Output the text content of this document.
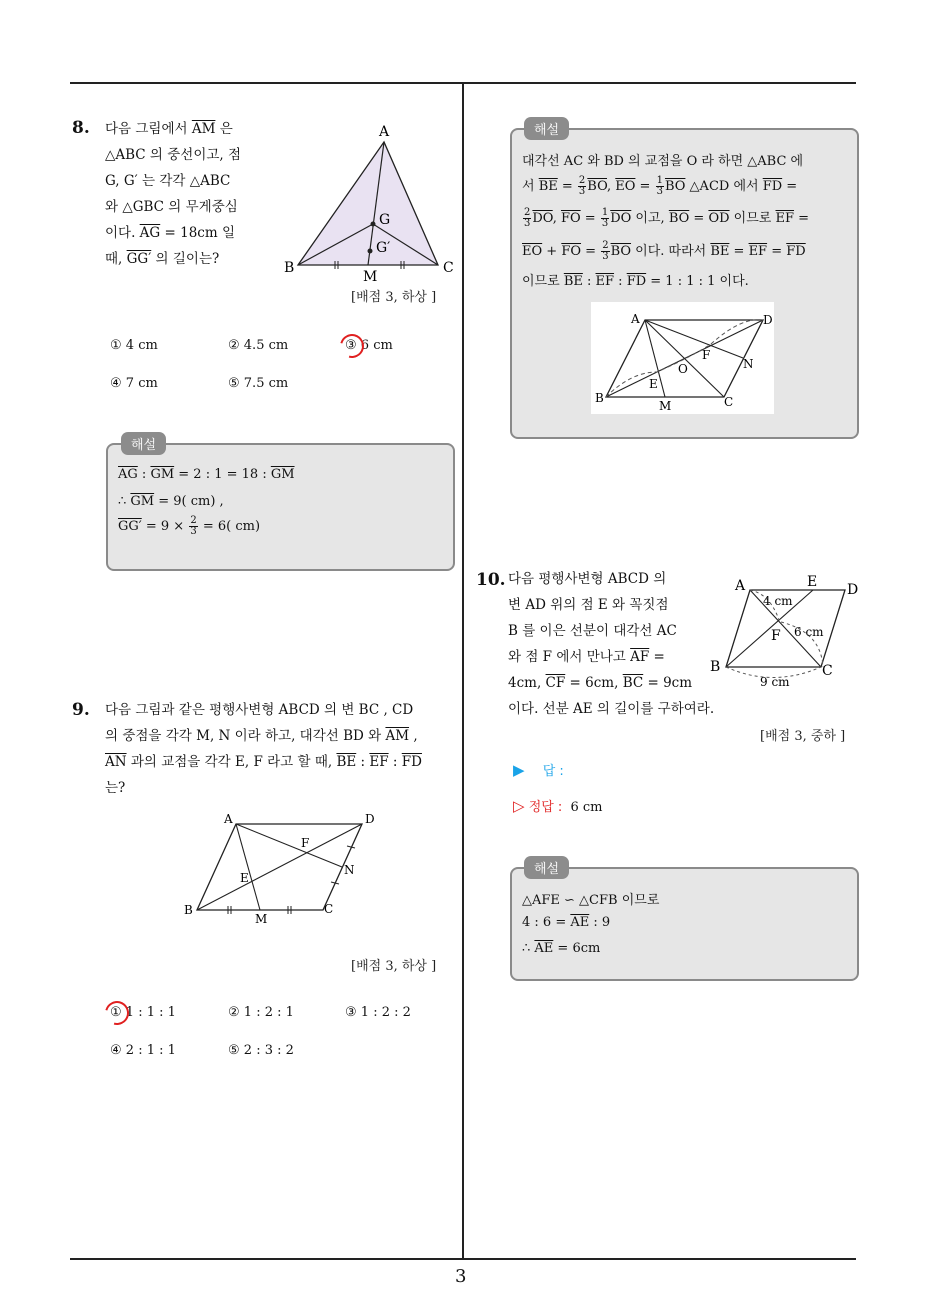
3
8. 다음 그림에서 $\overline{AM}$ 은
△ABC 의 중선이고, 점
G, G′ 는 각각 △ABC
와 △GBC 의 무게중심
이다. $\overline{AG} = 18cm$ 일
때, GG′ 의 길이는?
A
B	C
M
G
G′
[배점 3, 하상 ]
① 4 cm	② 4.5 cm	③ 6 cm
④ 7 cm	⑤ 7.5 cm
해설
$\overline{AG}$ : $\overline{GM} = 2$ : 1 = 18 : $\overline{GM}$
∴ $\overline{GM} = 9$( cm) ,
$GG' = 9 \times \frac{2}{3} = 6$( cm)
9. 다음 그림과 같은 평행사변형 ABCD 의 변 BC , CD
의 중점을 각각 M, N 이라 하고, 대각선 BD 와 $\overline{AM}$ ,
$\overline{AN}$ 과의 교점을 각각 E, F 라고 할 때, $\overline{BE}$ : $\overline{EF}$ : $\overline{FD}$
는?
A	D
B	C
M
N
E
F
[배점 3, 하상 ]
① 1 : 1 : 1	② 1 : 2 : 1	③ 1 : 2 : 2
④ 2 : 1 : 1	⑤ 2 : 3 : 2
해설
대각선 AC 와 BD 의 교점을 O 라 하면 △ABC 에
서 $\overline{BE} = \frac{2}{3} \overline{BO}$, $\overline{EO} = \frac{1}{3} \overline{BO}$ △ACD 에서 $\overline{FD}$ =
$\frac{2}{3} \overline{DO}$, $\overline{FO} = \frac{1}{3} \overline{DO}$ 이고, $\overline{BO} = \overline{OD}$ 이므로 $\overline{EF}$ =
$\overline{EO} + \overline{FO} = \frac{2}{3} \overline{BO}$ 이다. 따라서 $\overline{BE} = \overline{EF} = \overline{FD}$
이므로 $\overline{BE}$ : $\overline{EF}$ : $\overline{FD} = 1$ : 1 : 1 이다.
A	D
B	C
M
N
E
F
O
10. 다음 평행사변형 ABCD 의
변 AD 위의 점 E 와 꼭짓점
B 를 이은 선분이 대각선 AC
와 점 F 에서 만나고 $\overline{AF}$ =
4cm, $\overline{CF} = 6cm$, $\overline{BC} = 9cm$
이다. 선분 AE 의 길이를 구하여라.
A	E D
B	C
F
4 cm
6 cm
9 cm
[배점 3, 중하 ]
▶ 답 :
▷ 정답 : 6 cm
해설
△AFE ∽ △CFB 이므로
4 : $6 = \overline{AE}$ : 9
∴ $\overline{AE} = 6cm$
